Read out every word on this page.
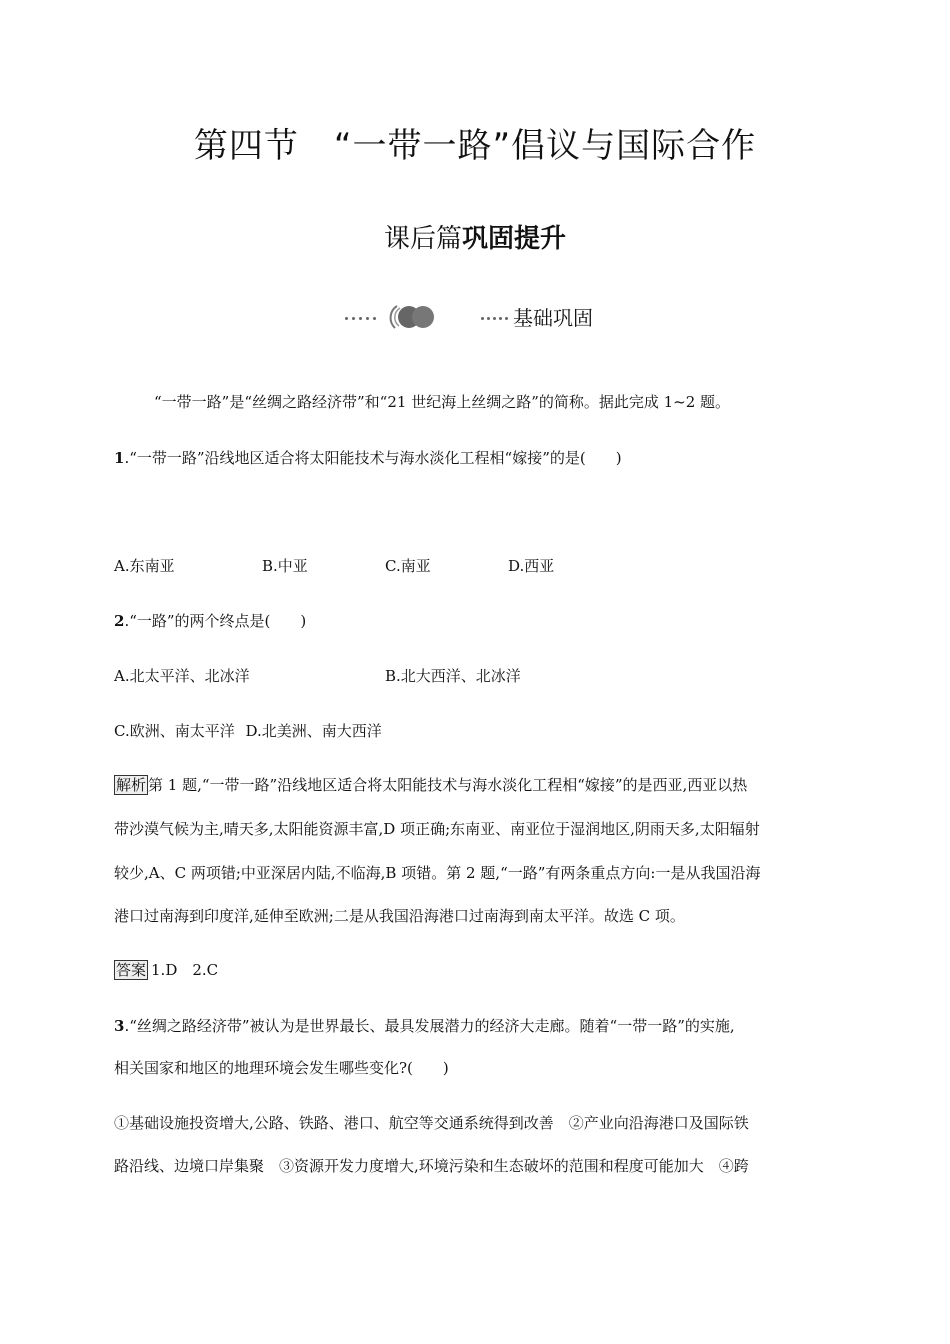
第四节　“一带一路”倡议与国际合作
课后篇巩固提升
基础巩固
“一带一路”是“丝绸之路经济带”和“21 世纪海上丝绸之路”的简称。据此完成 1~2 题。
1.“一带一路”沿线地区适合将太阳能技术与海水淡化工程相“嫁接”的是(　　)
A.东南亚	B.中亚	C.南亚	D.西亚
2.“一路”的两个终点是(　　)
A.北太平洋、北冰洋	B.北大西洋、北冰洋
C.欧洲、南太平洋 D.北美洲、南大西洋
解析 第 1 题,“一带一路”沿线地区适合将太阳能技术与海水淡化工程相“嫁接”的是西亚,西亚以热
带沙漠气候为主,晴天多,太阳能资源丰富,D 项正确;东南亚、南亚位于湿润地区,阴雨天多,太阳辐射
较少,A、C 两项错;中亚深居内陆,不临海,B 项错。第 2 题,“一路”有两条重点方向:一是从我国沿海
港口过南海到印度洋,延伸至欧洲;二是从我国沿海港口过南海到南太平洋。故选 C 项。
答案 1.D　2.C
3.“丝绸之路经济带”被认为是世界最长、最具发展潜力的经济大走廊。随着“一带一路”的实施,
相关国家和地区的地理环境会发生哪些变化?(　　)
①基础设施投资增大,公路、铁路、港口、航空等交通系统得到改善　②产业向沿海港口及国际铁
路沿线、边境口岸集聚　③资源开发力度增大,环境污染和生态破坏的范围和程度可能加大　④跨
